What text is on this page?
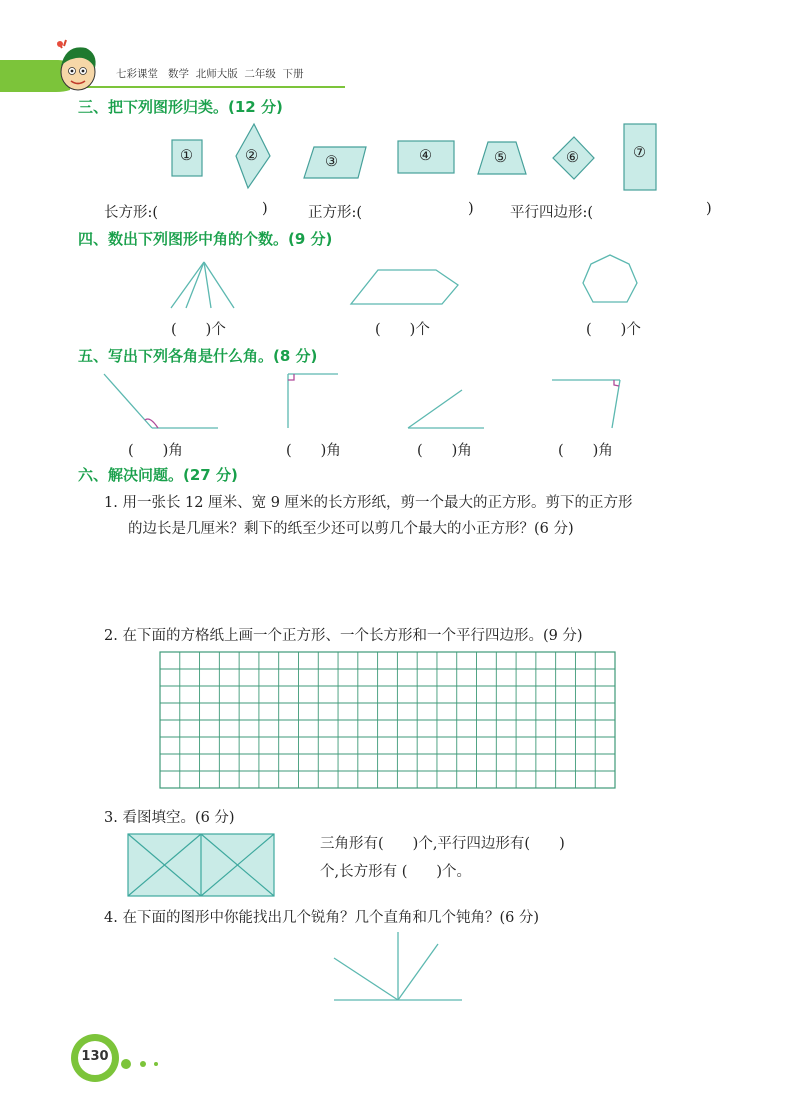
七彩课堂 数学 北师大版 二年级 下册
三、把下列图形归类。(12 分)
①	②	③	④	⑤	⑥	⑦
长方形:(	)	正方形:(	)	平行四边形:(	)
四、数出下列图形中角的个数。(9 分)
(　　)个	(　　)个	(　　)个
五、写出下列各角是什么角。(8 分)
(　　)角	(　　)角	(　　)角	(　　)角
六、解决问题。(27 分)
1. 用一张长 12 厘米、宽 9 厘米的长方形纸，剪一个最大的正方形。剪下的正方形
的边长是几厘米？剩下的纸至少还可以剪几个最大的小正方形？(6 分)
2. 在下面的方格纸上画一个正方形、一个长方形和一个平行四边形。(9 分)
3. 看图填空。(6 分)
三角形有(　　)个,平行四边形有(　　)
个,长方形有 (　　)个。
4. 在下面的图形中你能找出几个锐角？几个直角和几个钝角？(6 分)
130
